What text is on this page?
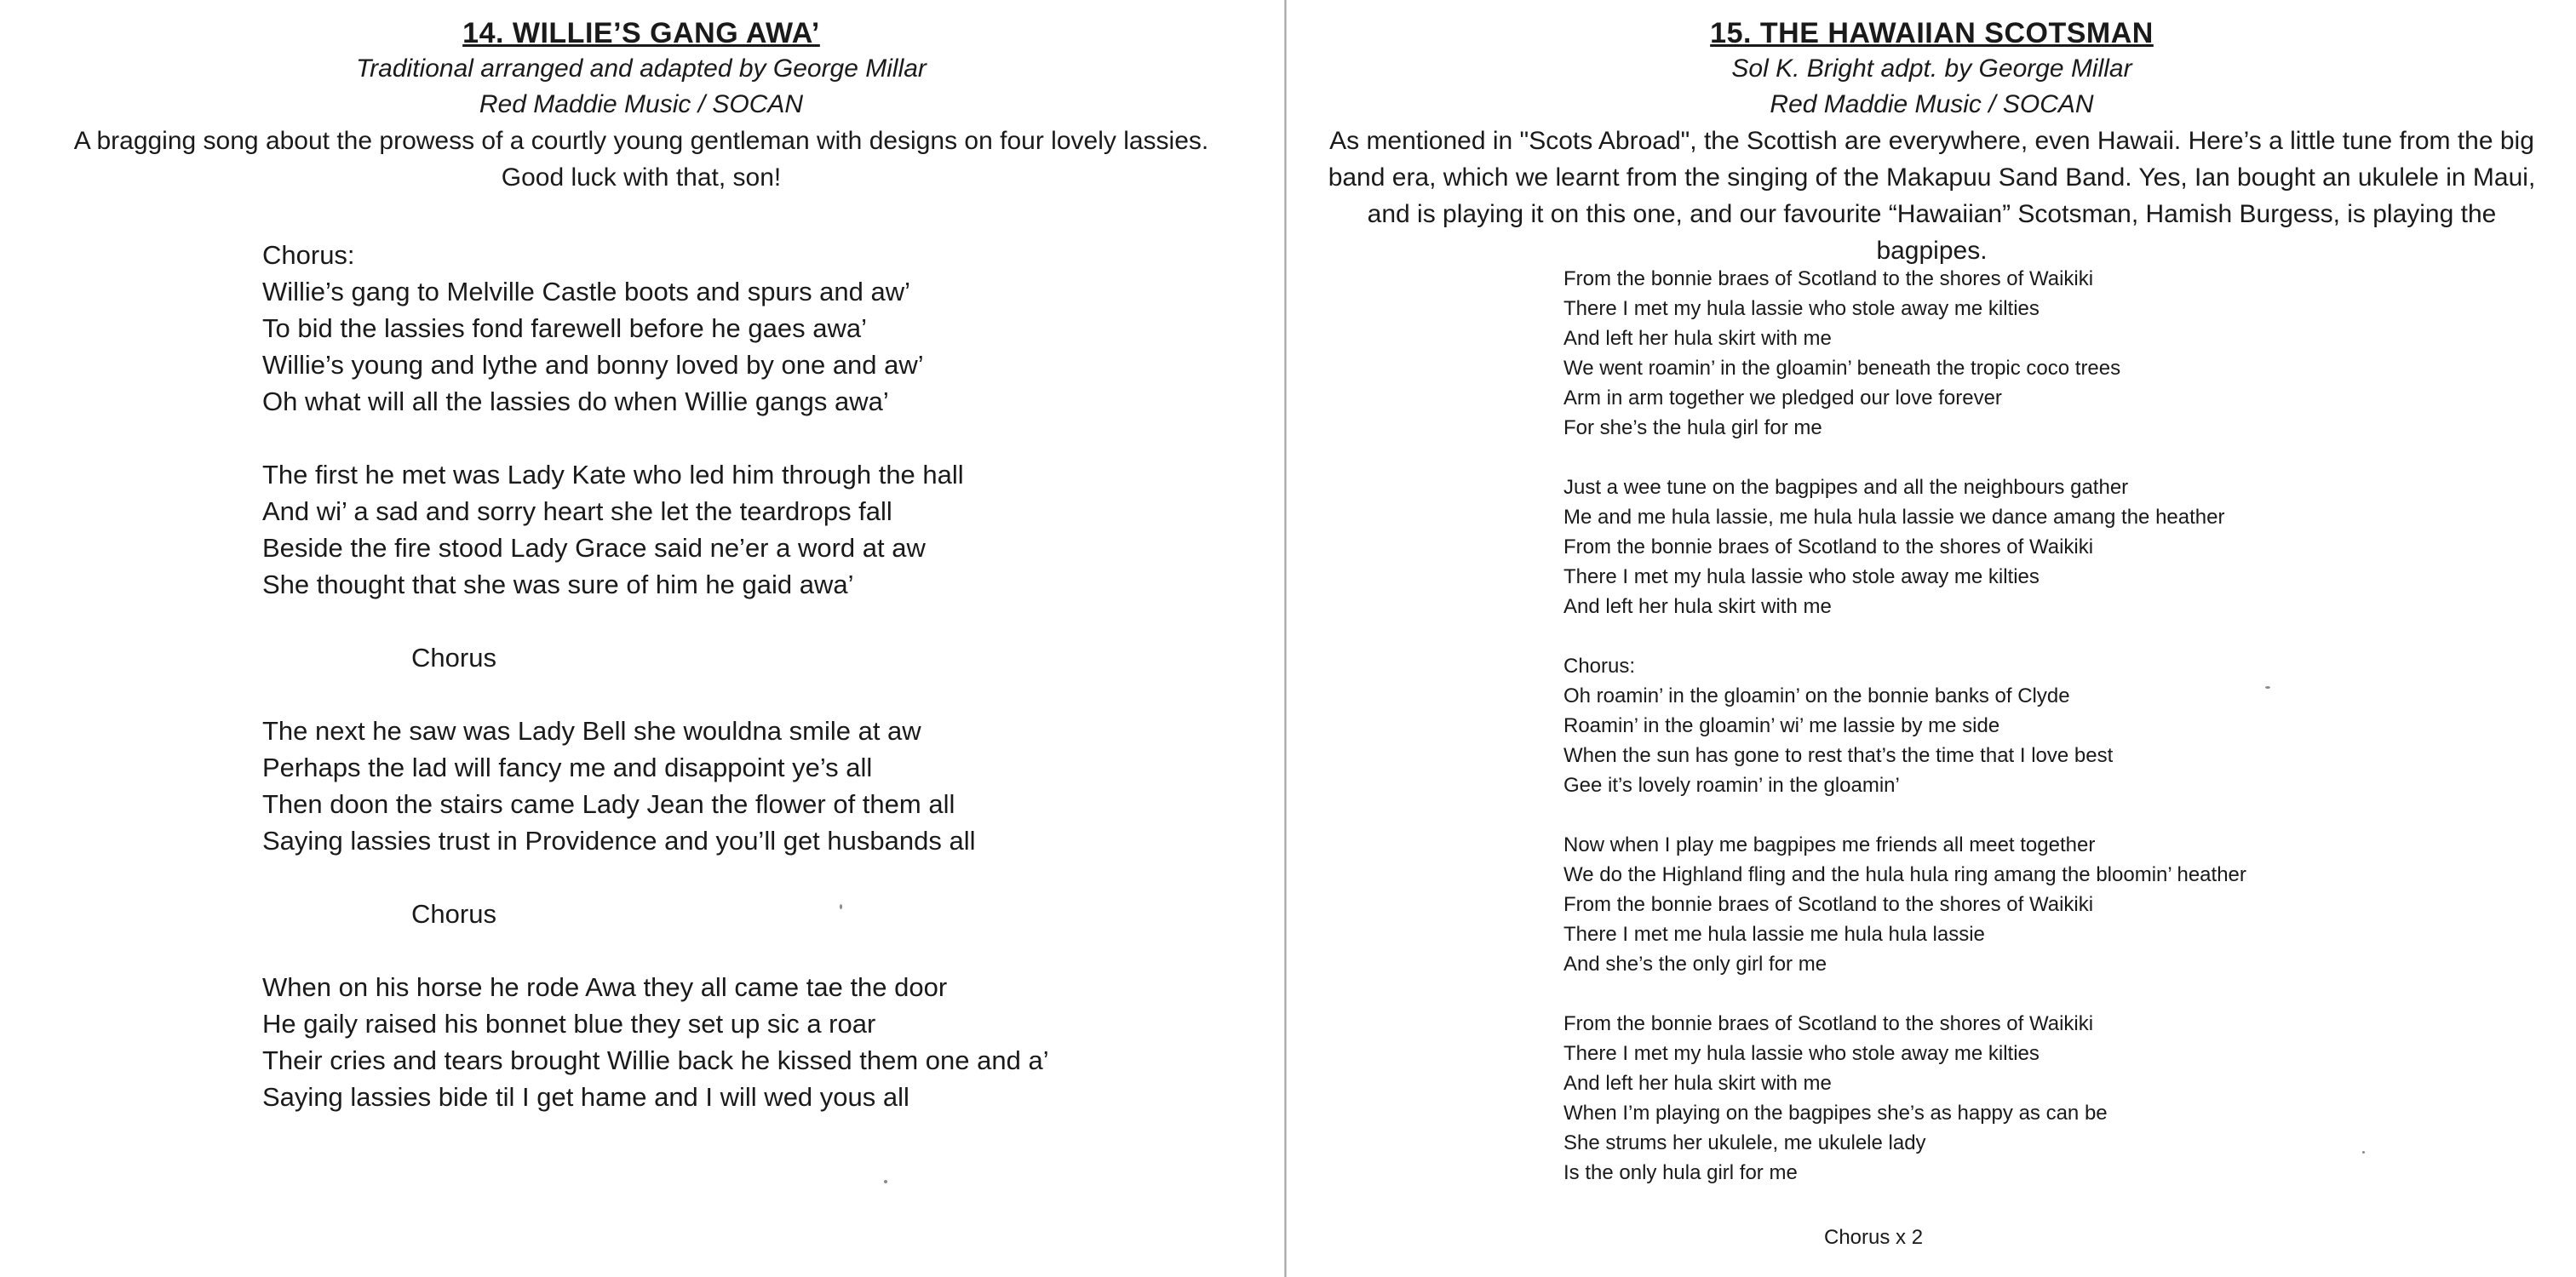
14. WILLIE’S GANG AWA’
Traditional arranged and adapted by George Millar
Red Maddie Music / SOCAN
A bragging song about the prowess of a courtly young gentleman with designs on four lovely lassies. Good luck with that, son!
Chorus:
Willie’s gang to Melville Castle boots and spurs and aw’
To bid the lassies fond farewell before he gaes awa’
Willie’s young and lythe and bonny loved by one and aw’
Oh what will all the lassies do when Willie gangs awa’
The first he met was Lady Kate who led him through the hall
And wi’ a sad and sorry heart she let the teardrops fall
Beside the fire stood Lady Grace said ne’er a word at aw
She thought that she was sure of him he gaid awa’
Chorus
The next he saw was Lady Bell she wouldna smile at aw
Perhaps the lad will fancy me and disappoint ye’s all
Then doon the stairs came Lady Jean the flower of them all
Saying lassies trust in Providence and you’ll get husbands all
Chorus
When on his horse he rode Awa they all came tae the door
He gaily raised his bonnet blue they set up sic a roar
Their cries and tears brought Willie back he kissed them one and a’
Saying lassies bide til I get hame and I will wed yous all
15. THE HAWAIIAN SCOTSMAN
Sol K. Bright adpt. by George Millar
Red Maddie Music / SOCAN
As mentioned in "Scots Abroad", the Scottish are everywhere, even Hawaii. Here’s a little tune from the big band era, which we learnt from the singing of the Makapuu Sand Band. Yes, Ian bought an ukulele in Maui, and is playing it on this one, and our favourite “Hawaiian” Scotsman, Hamish Burgess, is playing the bagpipes.
From the bonnie braes of Scotland to the shores of Waikiki
There I met my hula lassie who stole away me kilties
And left her hula skirt with me
We went roamin’ in the gloamin’ beneath the tropic coco trees
Arm in arm together we pledged our love forever
For she’s the hula girl for me
Just a wee tune on the bagpipes and all the neighbours gather
Me and me hula lassie, me hula hula lassie we dance amang the heather
From the bonnie braes of Scotland to the shores of Waikiki
There I met my hula lassie who stole away me kilties
And left her hula skirt with me
Chorus:
Oh roamin’ in the gloamin’ on the bonnie banks of Clyde
Roamin’ in the gloamin’ wi’ me lassie by me side
When the sun has gone to rest that’s the time that I love best
Gee it’s lovely roamin’ in the gloamin’
Now when I play me bagpipes me friends all meet together
We do the Highland fling and the hula hula ring amang the bloomin’ heather
From the bonnie braes of Scotland to the shores of Waikiki
There I met me hula lassie me hula hula lassie
And she’s the only girl for me
From the bonnie braes of Scotland to the shores of Waikiki
There I met my hula lassie who stole away me kilties
And left her hula skirt with me
When I’m playing on the bagpipes she’s as happy as can be
She strums her ukulele, me ukulele lady
Is the only hula girl for me
Chorus x 2
